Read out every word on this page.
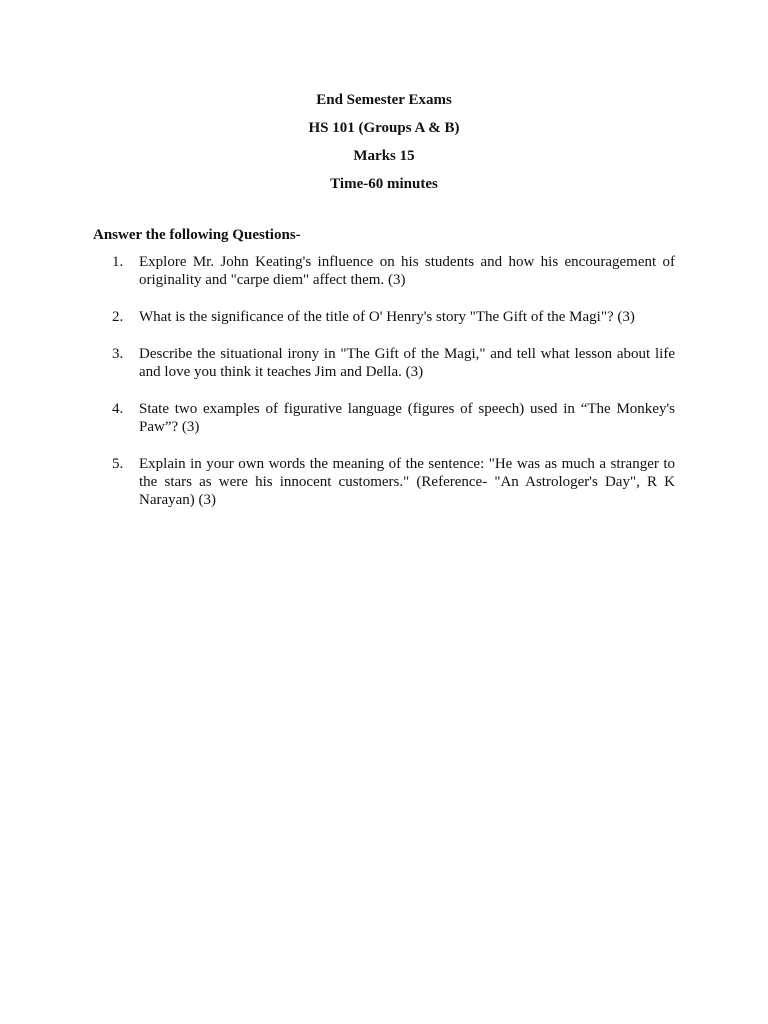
End Semester Exams
HS 101 (Groups A & B)
Marks 15
Time-60 minutes
Answer the following Questions-
1. Explore Mr. John Keating's influence on his students and how his encouragement of originality and "carpe diem" affect them. (3)
2. What is the significance of the title of O' Henry's story "The Gift of the Magi"? (3)
3. Describe the situational irony in "The Gift of the Magi," and tell what lesson about life and love you think it teaches Jim and Della. (3)
4. State two examples of figurative language (figures of speech) used in “The Monkey's Paw”? (3)
5. Explain in your own words the meaning of the sentence: "He was as much a stranger to the stars as were his innocent customers." (Reference- "An Astrologer's Day", R K Narayan) (3)
